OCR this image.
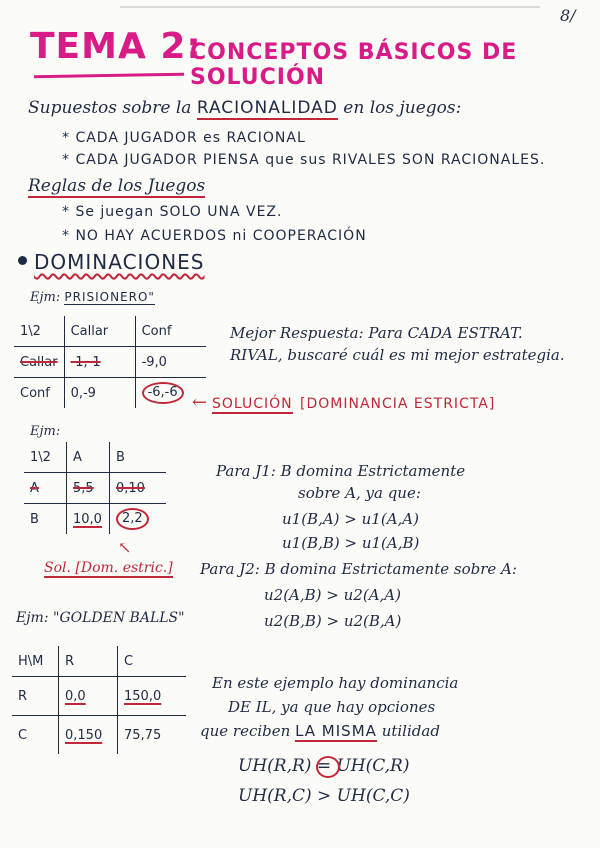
8/
TEMA 2:
CONCEPTOS BÁSICOS DE SOLUCIÓN
Supuestos sobre la RACIONALIDAD en los juegos:
* CADA JUGADOR es RACIONAL
* CADA JUGADOR PIENSA que sus RIVALES SON RACIONALES.
Reglas de los Juegos
* Se juegan SOLO UNA VEZ.
* NO HAY ACUERDOS ni COOPERACIÓN
DOMINACIONES
Ejm: PRISIONERO"
1\2	Callar	Conf
Callar	-1,-1	-9,0
Conf	0,-9	-6,-6
Mejor Respuesta: Para CADA ESTRAT. RIVAL, buscaré cuál es mi mejor estrategia.
← SOLUCIÓN [DOMINANCIA ESTRICTA]
Ejm:
1\2	A	B
A	5,5	0,10
B	10,0	2,2
↖
Sol. [Dom. estric.]
Para J1: B domina Estrictamente
sobre A, ya que:
u1(B,A) > u1(A,A)
u1(B,B) > u1(A,B)
Para J2: B domina Estrictamente sobre A:
u2(A,B) > u2(A,A)
u2(B,B) > u2(B,A)
Ejm: "GOLDEN BALLS"
H\M	R	C
R	0,0	150,0
C	0,150	75,75
En este ejemplo hay dominancia
DE IL, ya que hay opciones
que reciben LA MISMA utilidad
UH(R,R) = UH(C,R)
UH(R,C) > UH(C,C)
